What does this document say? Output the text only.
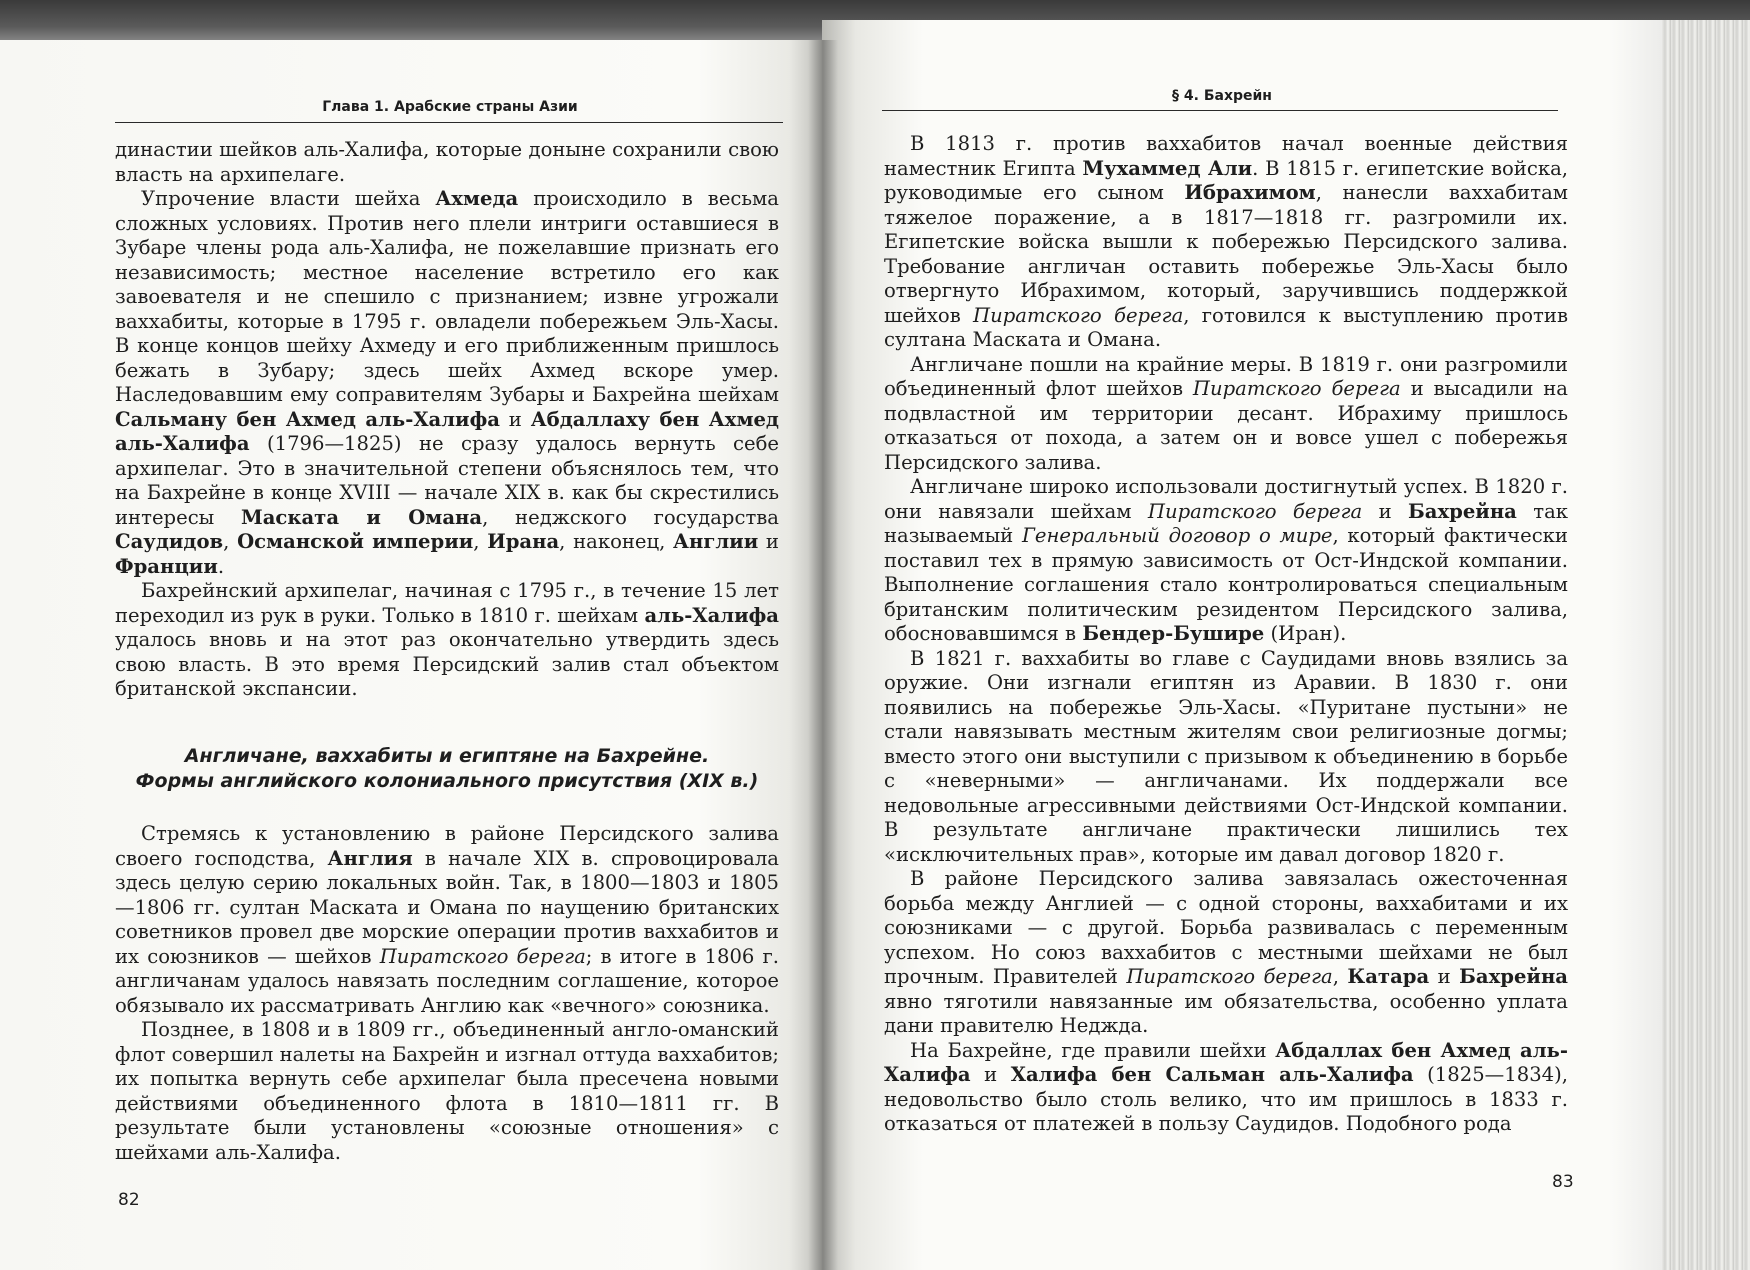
Глава 1. Арабские страны Азии

династии шейков аль-Халифа, которые доныне сохранили свою власть на архипелаге.

Упрочение власти шейха Ахмеда происходило в весьма сложных условиях. Против него плели интриги оставшиеся в Зубаре члены рода аль-Халифа, не пожелавшие признать его независимость; местное население встретило его как завоевателя и не спешило с признанием; извне угрожали ваххабиты, которые в 1795 г. овладели побережьем Эль-Хасы. В конце концов шейху Ахмеду и его приближенным пришлось бежать в Зубару; здесь шейх Ахмед вскоре умер. Наследовавшим ему соправителям Зубары и Бахрейна шейхам Сальману бен Ахмед аль-Халифа и Абдаллаху бен Ахмед аль-Халифа (1796—1825) не сразу удалось вернуть себе архипелаг. Это в значительной степени объяснялось тем, что на Бахрейне в конце XVIII — начале XIX в. как бы скрестились интересы Маската и Омана, неджского государства Саудидов, Османской империи, Ирана, наконец, Англии и Франции.

Бахрейнский архипелаг, начиная с 1795 г., в течение 15 лет переходил из рук в руки. Только в 1810 г. шейхам аль-Халифа удалось вновь и на этот раз окончательно утвердить здесь свою власть. В это время Персидский залив стал объектом британской экспансии.

Англичане, ваххабиты и египтяне на Бахрейне.
Формы английского колониального присутствия (XIX в.)

Стремясь к установлению в районе Персидского залива своего господства, Англия в начале XIX в. спровоцировала здесь целую серию локальных войн. Так, в 1800—1803 и 1805—1806 гг. султан Маската и Омана по наущению британских советников провел две морские операции против ваххабитов и их союзников — шейхов Пиратского берега; в итоге в 1806 г. англичанам удалось навязать последним соглашение, которое обязывало их рассматривать Англию как «вечного» союзника.

Позднее, в 1808 и в 1809 гг., объединенный англо-оманский флот совершил налеты на Бахрейн и изгнал оттуда ваххабитов; их попытка вернуть себе архипелаг была пресечена новыми действиями объединенного флота в 1810—1811 гг. В результате были установлены «союзные отношения» с шейхами аль-Халифа.

82
§ 4. Бахрейн

В 1813 г. против ваххабитов начал военные действия наместник Египта Мухаммед Али. В 1815 г. египетские войска, руководимые его сыном Ибрахимом, нанесли ваххабитам тяжелое поражение, а в 1817—1818 гг. разгромили их. Египетские войска вышли к побережью Персидского залива. Требование англичан оставить побережье Эль-Хасы было отвергнуто Ибрахимом, который, заручившись поддержкой шейхов Пиратского берега, готовился к выступлению против султана Маската и Омана.

Англичане пошли на крайние меры. В 1819 г. они разгромили объединенный флот шейхов Пиратского берега и высадили на подвластной им территории десант. Ибрахиму пришлось отказаться от похода, а затем он и вовсе ушел с побережья Персидского залива.

Англичане широко использовали достигнутый успех. В 1820 г. они навязали шейхам Пиратского берега и Бахрейна так называемый Генеральный договор о мире, который фактически поставил тех в прямую зависимость от Ост-Индской компании. Выполнение соглашения стало контролироваться специальным британским политическим резидентом Персидского залива, обосновавшимся в Бендер-Бушире (Иран).

В 1821 г. ваххабиты во главе с Саудидами вновь взялись за оружие. Они изгнали египтян из Аравии. В 1830 г. они появились на побережье Эль-Хасы. «Пуритане пустыни» не стали навязывать местным жителям свои религиозные догмы; вместо этого они выступили с призывом к объединению в борьбе с «неверными» — англичанами. Их поддержали все недовольные агрессивными действиями Ост-Индской компании. В результате англичане практически лишились тех «исключительных прав», которые им давал договор 1820 г.

В районе Персидского залива завязалась ожесточенная борьба между Англией — с одной стороны, ваххабитами и их союзниками — с другой. Борьба развивалась с переменным успехом. Но союз ваххабитов с местными шейхами не был прочным. Правителей Пиратского берега, Катара и Бахрейна явно тяготили навязанные им обязательства, особенно уплата дани правителю Неджда.

На Бахрейне, где правили шейхи Абдаллах бен Ахмед аль-Халифа и Халифа бен Сальман аль-Халифа (1825—1834), недовольство было столь велико, что им пришлось в 1833 г. отказаться от платежей в пользу Саудидов. Подобного рода

83
